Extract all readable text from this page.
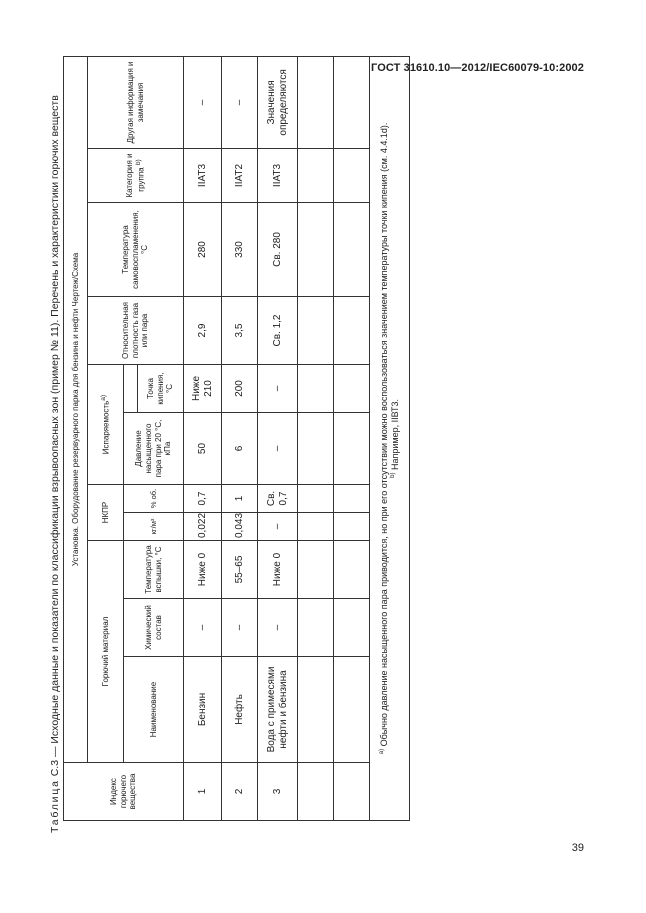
ГОСТ 31610.10—2012/IEC60079-10:2002
Таблица С.3 — Исходные данные и показатели по классификации взрывоопасных зон (пример № 11). Перечень и характеристики горючих веществ
Индекс горючего вещества	Установка. Оборудование резервуарного парка для бензина и нефти Чертеж/Схема										
	Горючий материал			НКПР		Испаряемость$^{а)}$		Относительная плотность газа или пара	Температура самовоспламенения, °С	Категория и группа $^{b)}$	Другая информация и замечания
	Наименование	Химический состав	Температура вспышки, °С	кг/м³	% об.	Давление насыщенного пара при 20 °С, кПа					
							Точка кипения, °С				
1	Бензин	–	Ниже 0	0,022	0,7	50	Ниже 210	2,9	280	IIАТ3	–
2	Нефть	–	55–65	0,043	1	6	200	3,5	330	IIАТ2	–
3	Вода с примесями нефти и бензина	–	Ниже 0	–	Св. 0,7	–	–	Св. 1,2	Св. 280	IIАТ3	Значения определяются

$^{а)}$ Обычно давление насыщенного пара приводится, но при его отсутствии можно воспользоваться значением температуры точки кипения (см. 4.4.1d). $^{b)}$ Например, IIВТ3.											
39
